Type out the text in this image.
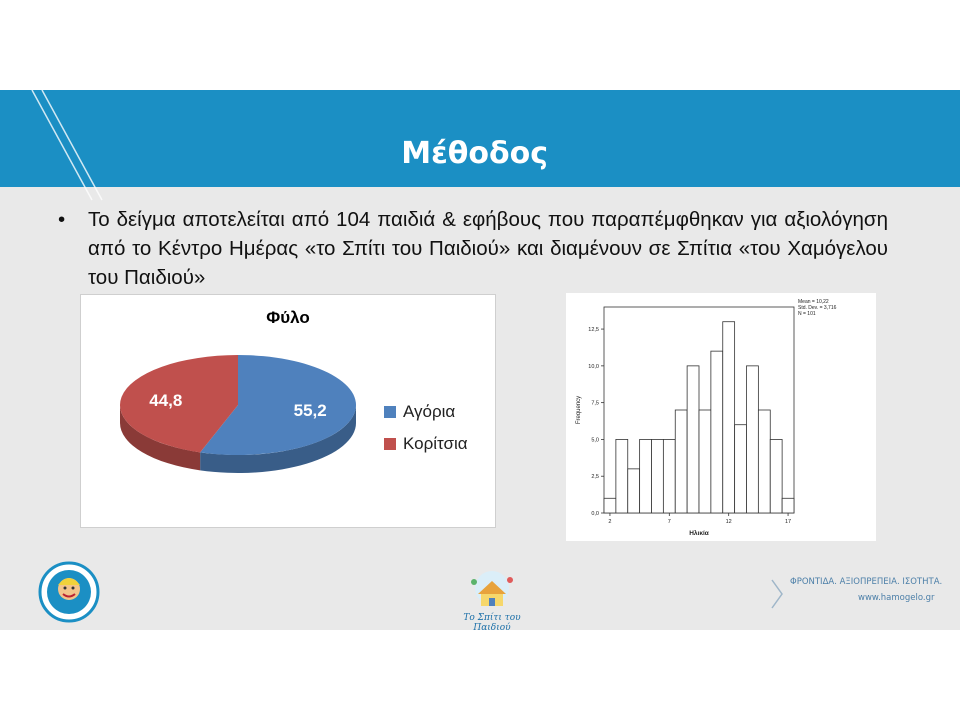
Μέθοδος
• Το δείγμα αποτελείται από 104 παιδιά & εφήβους που παραπέμφθηκαν για αξιολόγηση από το Κέντρο Ημέρας «το Σπίτι του Παιδιού» και διαμένουν σε Σπίτια «του Χαμόγελου του Παιδιού»
55,2
44,8
Φύλο
Αγόρια
Κορίτσια
0,0
2,5
5,0
7,5
10,0
12,5
2	7	12	17
Ηλικία
Frequency
Mean = 10,22
Std. Dev. = 3,716
N = 101
Το Σπίτι του Παιδιού
ΦΡΟΝΤΙΔΑ. ΑΞΙΟΠΡΕΠΕΙΑ. ΙΣΟΤΗΤΑ.
www.hamogelo.gr
